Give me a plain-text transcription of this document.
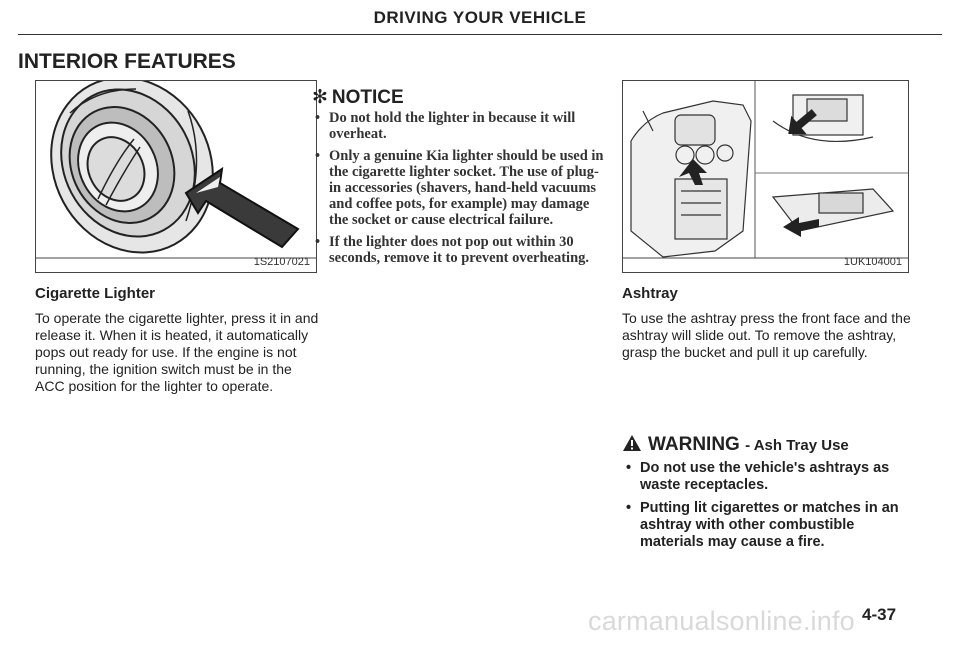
DRIVING YOUR VEHICLE
INTERIOR FEATURES
1S2107021
Cigarette Lighter
To operate the cigarette lighter, press it in and release it. When it is heated, it automatically pops out ready for use. If the engine is not running, the ignition switch must be in the ACC position for the lighter to operate.
✻ NOTICE
• Do not hold the lighter in because it will overheat.
• Only a genuine Kia lighter should be used in the cigarette lighter socket. The use of plug-in accessories (shavers, hand-held vacuums and coffee pots, for example) may damage the socket or cause electrical failure.
• If the lighter does not pop out within 30 seconds, remove it to prevent overheating.	1UK104001
Ashtray
To use the ashtray press the front face and the ashtray will slide out. To remove the ashtray, grasp the bucket and pull it up carefully.
WARNING - Ash Tray Use
• Do not use the vehicle's ashtrays as waste receptacles.
• Putting lit cigarettes or matches in an ashtray with other combustible materials may cause a fire.
carmanualsonline.info 4-37
